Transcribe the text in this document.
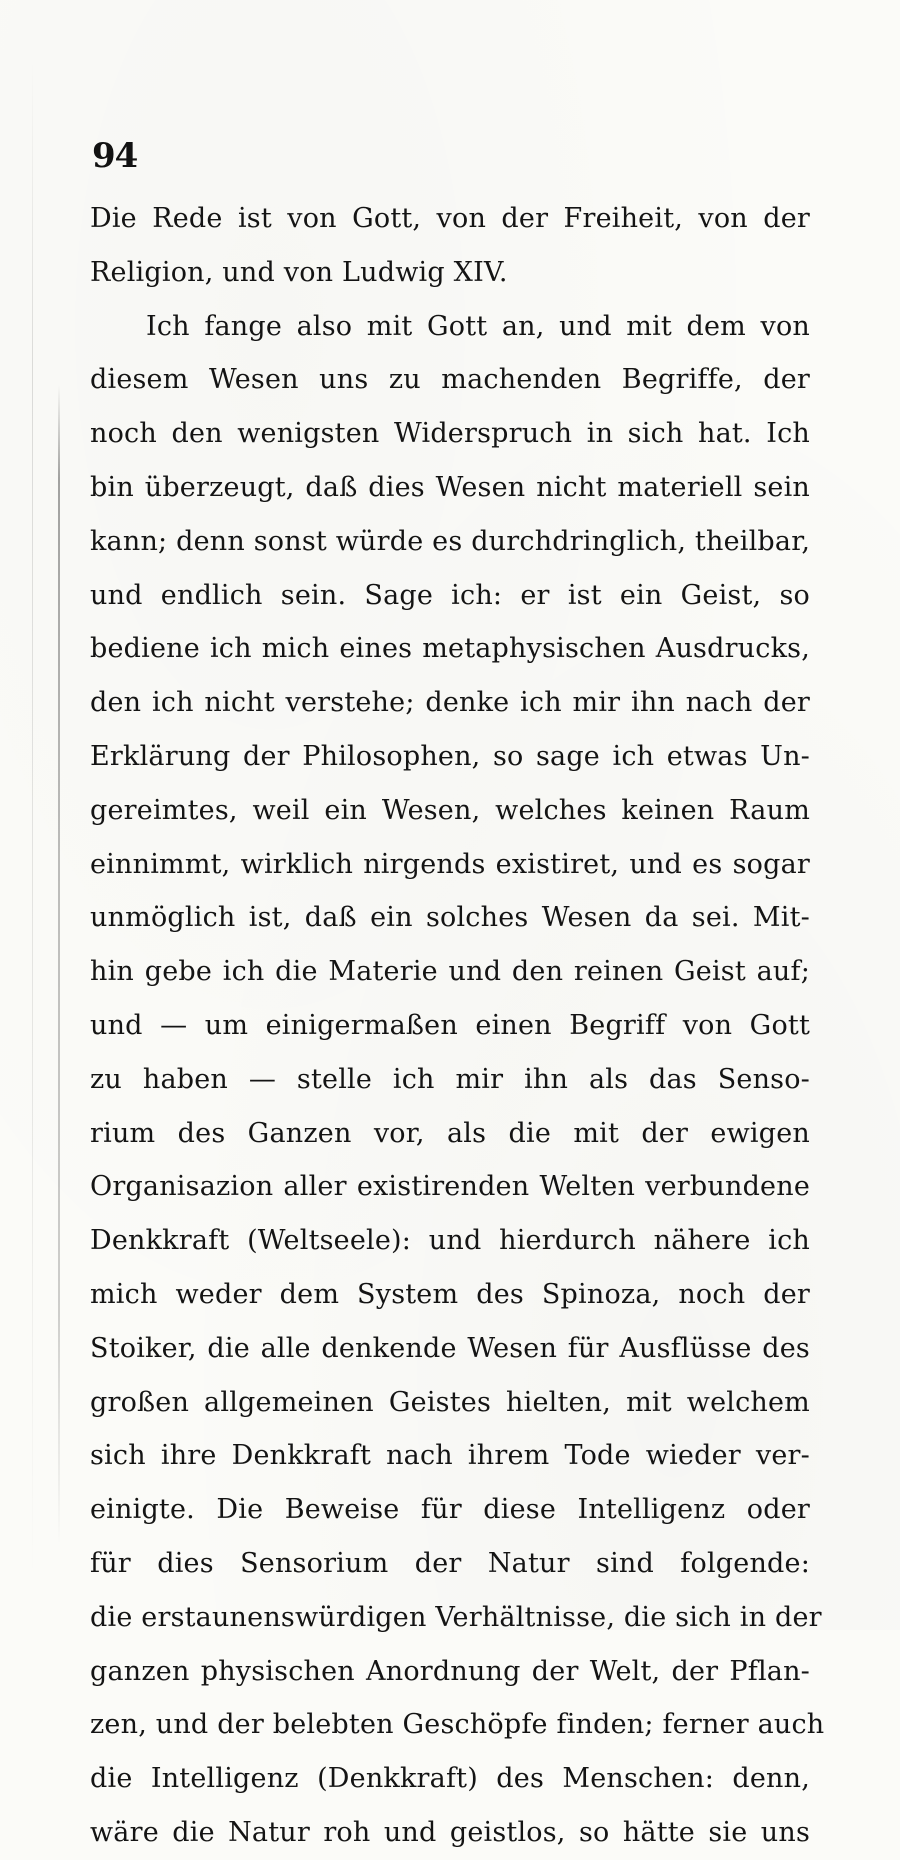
94
Die Rede ist von Gott, von der Freiheit, von der
Religion, und von Ludwig XIV.
Ich fange also mit Gott an, und mit dem von
diesem Wesen uns zu machenden Begriffe, der
noch den wenigsten Widerspruch in sich hat. Ich
bin überzeugt, daß dies Wesen nicht materiell sein
kann; denn sonst würde es durchdringlich, theilbar,
und endlich sein. Sage ich: er ist ein Geist, so
bediene ich mich eines metaphysischen Ausdrucks,
den ich nicht verstehe; denke ich mir ihn nach der
Erklärung der Philosophen, so sage ich etwas Un-
gereimtes, weil ein Wesen, welches keinen Raum
einnimmt, wirklich nirgends existiret, und es sogar
unmöglich ist, daß ein solches Wesen da sei. Mit-
hin gebe ich die Materie und den reinen Geist auf;
und — um einigermaßen einen Begriff von Gott
zu haben — stelle ich mir ihn als das Senso-
rium des Ganzen vor, als die mit der ewigen
Organisazion aller existirenden Welten verbundene
Denkkraft (Weltseele): und hierdurch nähere ich
mich weder dem System des Spinoza, noch der
Stoiker, die alle denkende Wesen für Ausflüsse des
großen allgemeinen Geistes hielten, mit welchem
sich ihre Denkkraft nach ihrem Tode wieder ver-
einigte. Die Beweise für diese Intelligenz oder
für dies Sensorium der Natur sind folgende:
die erstaunenswürdigen Verhältnisse, die sich in der
ganzen physischen Anordnung der Welt, der Pflan-
zen, und der belebten Geschöpfe finden; ferner auch
die Intelligenz (Denkkraft) des Menschen: denn,
wäre die Natur roh und geistlos, so hätte sie uns
